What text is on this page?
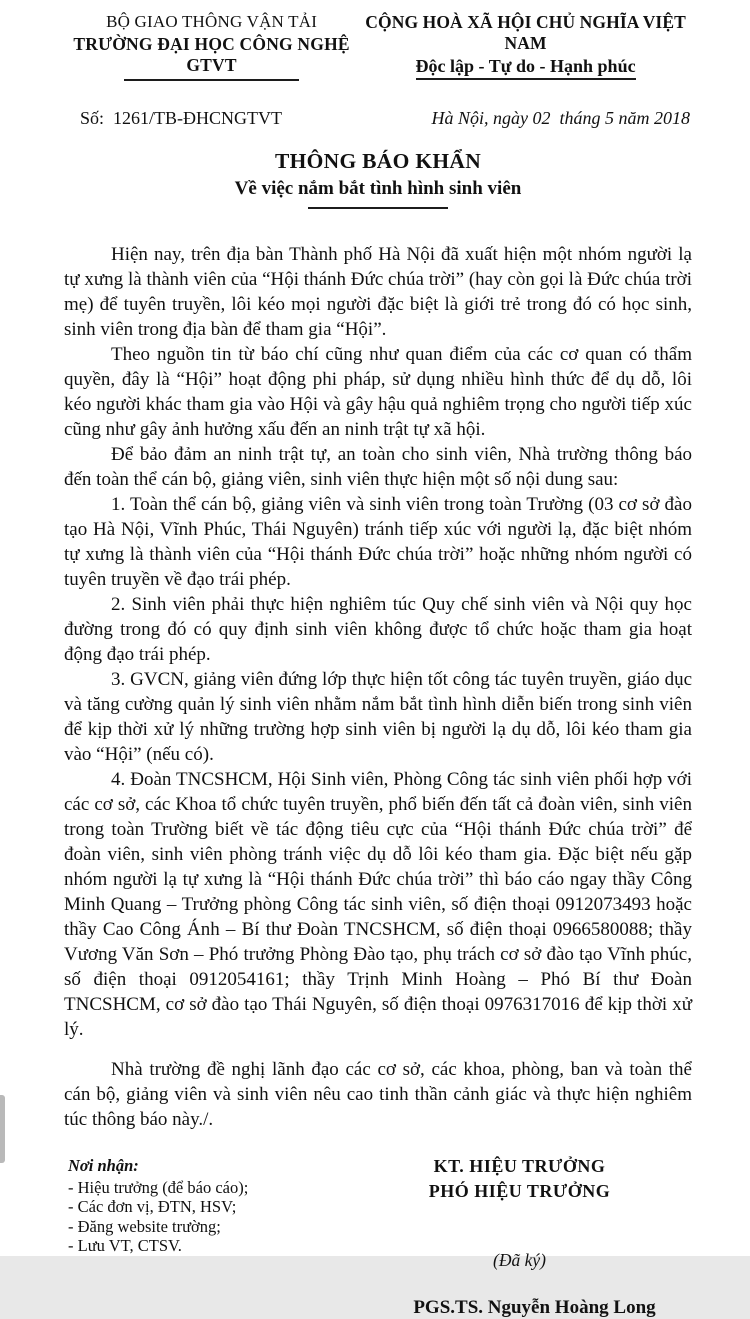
BỘ GIAO THÔNG VẬN TẢI
TRƯỜNG ĐẠI HỌC CÔNG NGHỆ GTVT
CỘNG HOÀ XÃ HỘI CHỦ NGHĨA VIỆT NAM
Độc lập - Tự do - Hạnh phúc
Số:  1261/TB-ĐHCNGTVT	Hà Nội, ngày 02  tháng 5 năm 2018
THÔNG BÁO KHẨN
Về việc nắm bắt tình hình sinh viên

Hiện nay, trên địa bàn Thành phố Hà Nội đã xuất hiện một nhóm người lạ tự xưng là thành viên của “Hội thánh Đức chúa trời” (hay còn gọi là Đức chúa trời mẹ) để tuyên truyền, lôi kéo mọi người đặc biệt là giới trẻ trong đó có học sinh, sinh viên trong địa bàn để tham gia “Hội”.

Theo nguồn tin từ báo chí cũng như quan điểm của các cơ quan có thẩm quyền, đây là “Hội” hoạt động phi pháp, sử dụng nhiều hình thức để dụ dỗ, lôi kéo người khác tham gia vào Hội và gây hậu quả nghiêm trọng cho người tiếp xúc cũng như gây ảnh hưởng xấu đến an ninh trật tự xã hội.

Để bảo đảm an ninh trật tự, an toàn cho sinh viên, Nhà trường thông báo đến toàn thể cán bộ, giảng viên, sinh viên thực hiện một số nội dung sau:

1. Toàn thể cán bộ, giảng viên và sinh viên trong toàn Trường (03 cơ sở đào tạo Hà Nội, Vĩnh Phúc, Thái Nguyên) tránh tiếp xúc với người lạ, đặc biệt nhóm tự xưng là thành viên của “Hội thánh Đức chúa trời” hoặc những nhóm người có tuyên truyền về đạo trái phép.

2. Sinh viên phải thực hiện nghiêm túc Quy chế sinh viên và Nội quy học đường trong đó có quy định sinh viên không được tổ chức hoặc tham gia hoạt động đạo trái phép.

3. GVCN, giảng viên đứng lớp thực hiện tốt công tác tuyên truyền, giáo dục và tăng cường quản lý sinh viên nhằm nắm bắt tình hình diễn biến trong sinh viên để kịp thời xử lý những trường hợp sinh viên bị người lạ dụ dỗ, lôi kéo tham gia vào “Hội” (nếu có).

4. Đoàn TNCSHCM, Hội Sinh viên, Phòng Công tác sinh viên phối hợp với các cơ sở, các Khoa tổ chức tuyên truyền, phổ biến đến tất cả đoàn viên, sinh viên trong toàn Trường biết về tác động tiêu cực của “Hội thánh Đức chúa trời” để đoàn viên, sinh viên phòng tránh việc dụ dỗ lôi kéo tham gia. Đặc biệt nếu gặp nhóm người lạ tự xưng là “Hội thánh Đức chúa trời” thì báo cáo ngay thầy Công Minh Quang – Trưởng phòng Công tác sinh viên, số điện thoại 0912073493 hoặc thầy Cao Công Ánh – Bí thư Đoàn TNCSHCM, số điện thoại 0966580088; thầy Vương Văn Sơn – Phó trưởng Phòng Đào tạo, phụ trách cơ sở đào tạo Vĩnh phúc, số điện thoại 0912054161; thầy Trịnh Minh Hoàng – Phó Bí thư Đoàn TNCSHCM, cơ sở đào tạo Thái Nguyên, số điện thoại 0976317016 để kịp thời xử lý.

Nhà trường đề nghị lãnh đạo các cơ sở, các khoa, phòng, ban và toàn thể cán bộ, giảng viên và sinh viên nêu cao tinh thần cảnh giác và thực hiện nghiêm túc thông báo này./.

Nơi nhận:
- Hiệu trưởng (để báo cáo);
- Các đơn vị, ĐTN, HSV;
- Đăng website trường;
- Lưu VT, CTSV.
KT. HIỆU TRƯỞNG
PHÓ HIỆU TRƯỞNG
(Đã ký)
PGS.TS. Nguyễn Hoàng Long
